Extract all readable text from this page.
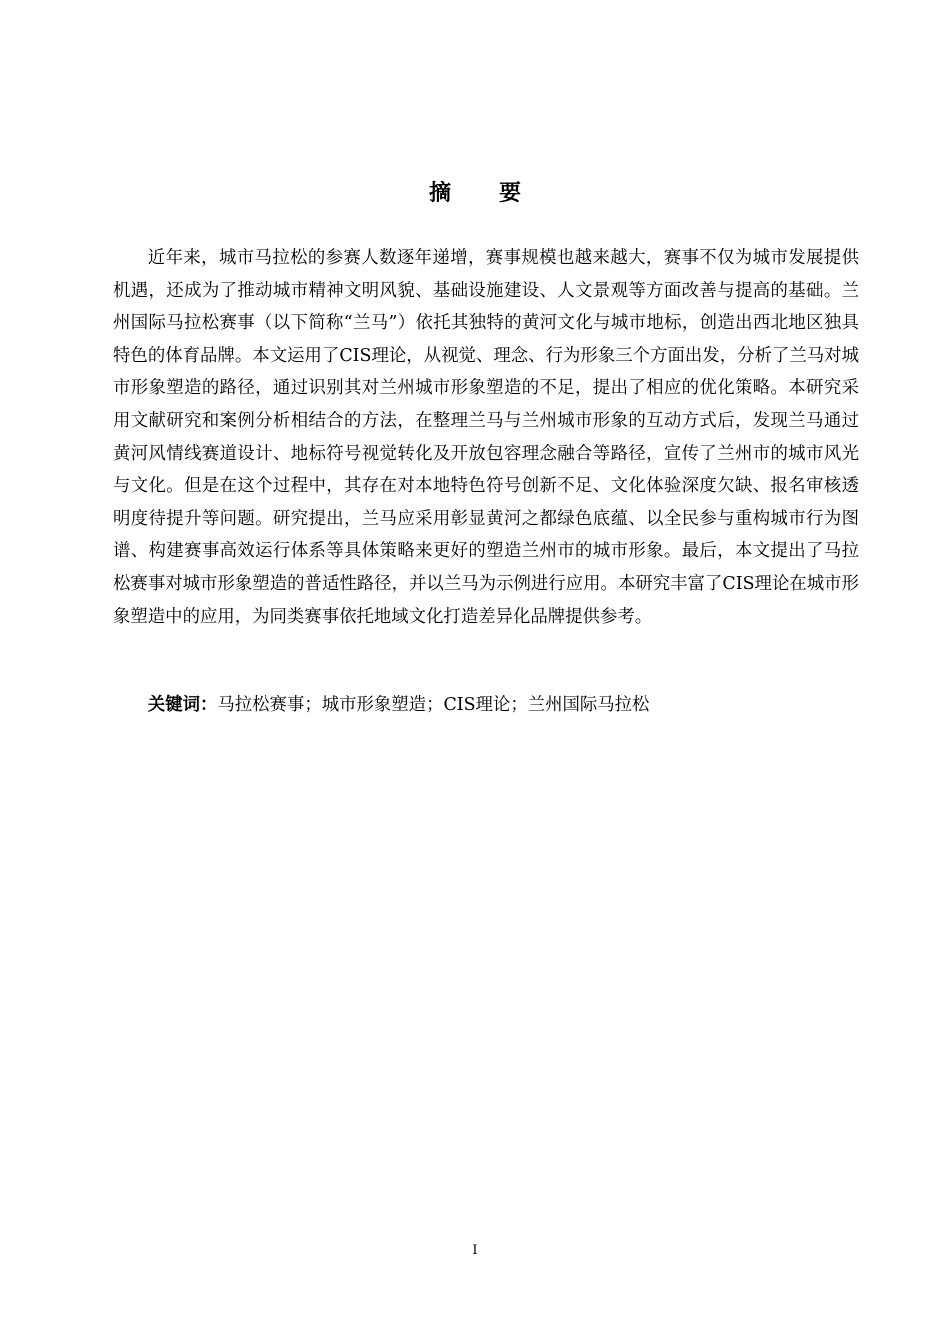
摘要

近年来，城市马拉松的参赛人数逐年递增，赛事规模也越来越大，赛事不仅为城市发展提供机遇，还成为了推动城市精神文明风貌、基础设施建设、人文景观等方面改善与提高的基础。兰州国际马拉松赛事（以下简称“兰马”）依托其独特的黄河文化与城市地标，创造出西北地区独具特色的体育品牌。本文运用了CIS理论，从视觉、理念、行为形象三个方面出发，分析了兰马对城市形象塑造的路径，通过识别其对兰州城市形象塑造的不足，提出了相应的优化策略。本研究采用文献研究和案例分析相结合的方法，在整理兰马与兰州城市形象的互动方式后，发现兰马通过黄河风情线赛道设计、地标符号视觉转化及开放包容理念融合等路径，宣传了兰州市的城市风光与文化。但是在这个过程中，其存在对本地特色符号创新不足、文化体验深度欠缺、报名审核透明度待提升等问题。研究提出，兰马应采用彰显黄河之都绿色底蕴、以全民参与重构城市行为图谱、构建赛事高效运行体系等具体策略来更好的塑造兰州市的城市形象。最后，本文提出了马拉松赛事对城市形象塑造的普适性路径，并以兰马为示例进行应用。本研究丰富了CIS理论在城市形象塑造中的应用，为同类赛事依托地域文化打造差异化品牌提供参考。

关键词：马拉松赛事；城市形象塑造；CIS理论；兰州国际马拉松

I
